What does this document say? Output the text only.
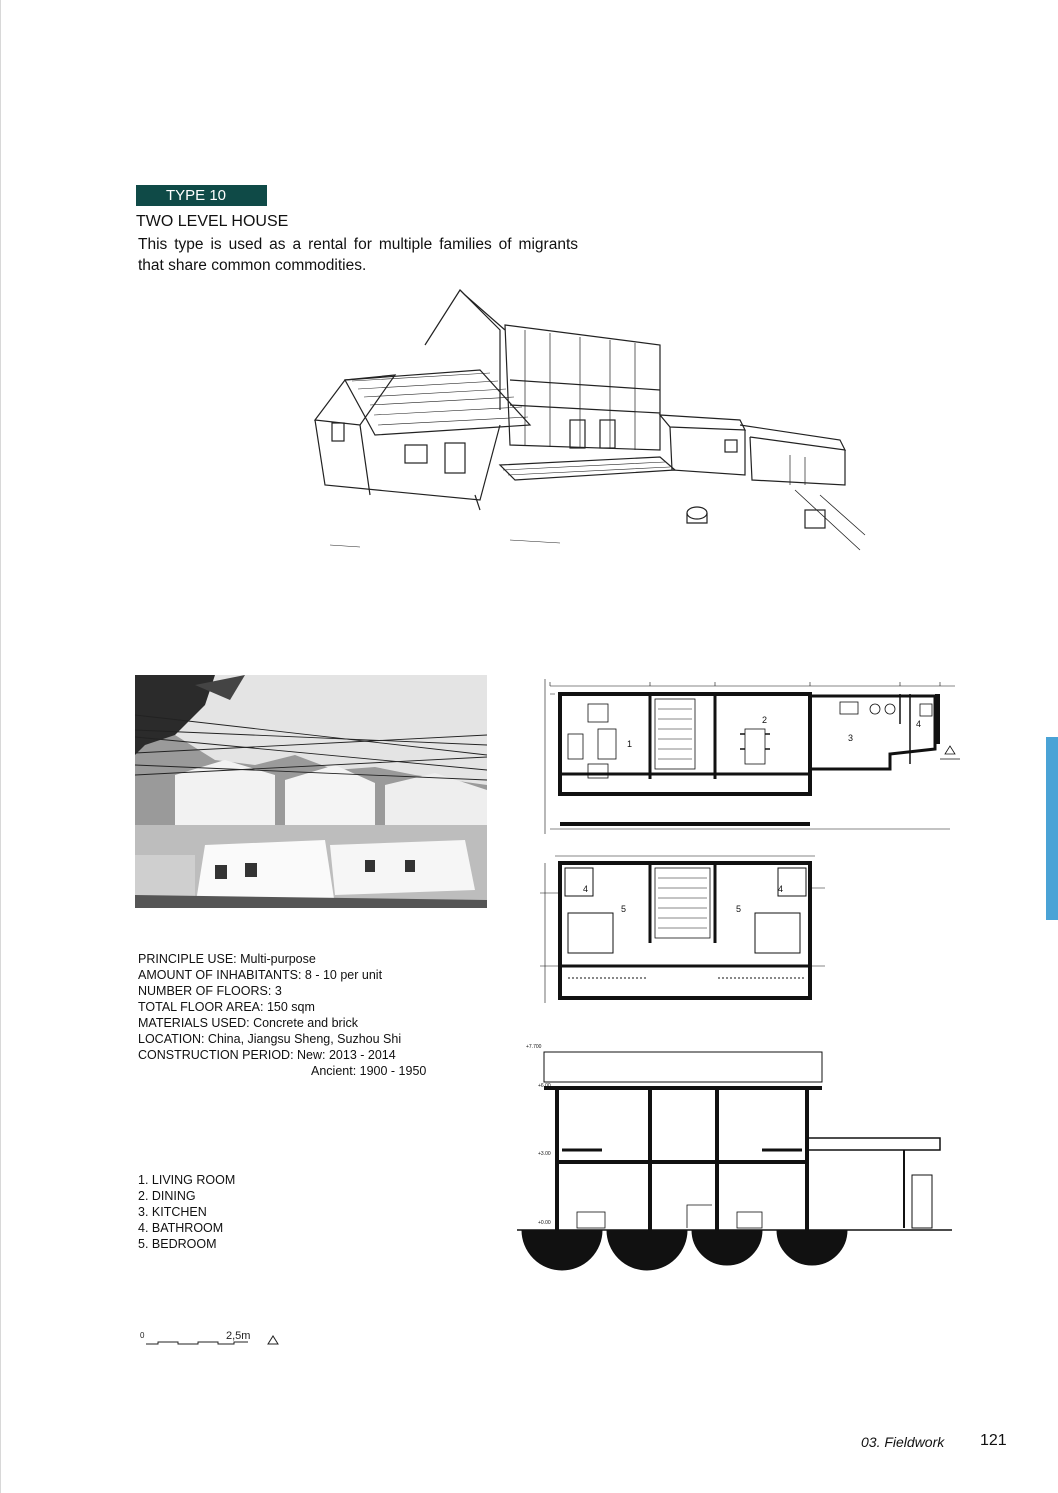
TYPE 10
TWO LEVEL HOUSE
This type is used as a rental for multiple families of migrants that share common commodities.
PRINCIPLE USE: Multi-purpose
AMOUNT OF INHABITANTS: 8 - 10 per unit
NUMBER OF FLOORS: 3
TOTAL FLOOR AREA: 150 sqm
MATERIALS USED: Concrete and brick
LOCATION: China, Jiangsu Sheng, Suzhou Shi
CONSTRUCTION PERIOD: New: 2013 - 2014
Ancient: 1900 - 1950
1. LIVING ROOM
2. DINING
3. KITCHEN
4. BATHROOM
5. BEDROOM
0	2,5m
1
2
3
4
4	4
5	5
+7.700
+6.00
+3.00
+0.00
03. Fieldwork 121
